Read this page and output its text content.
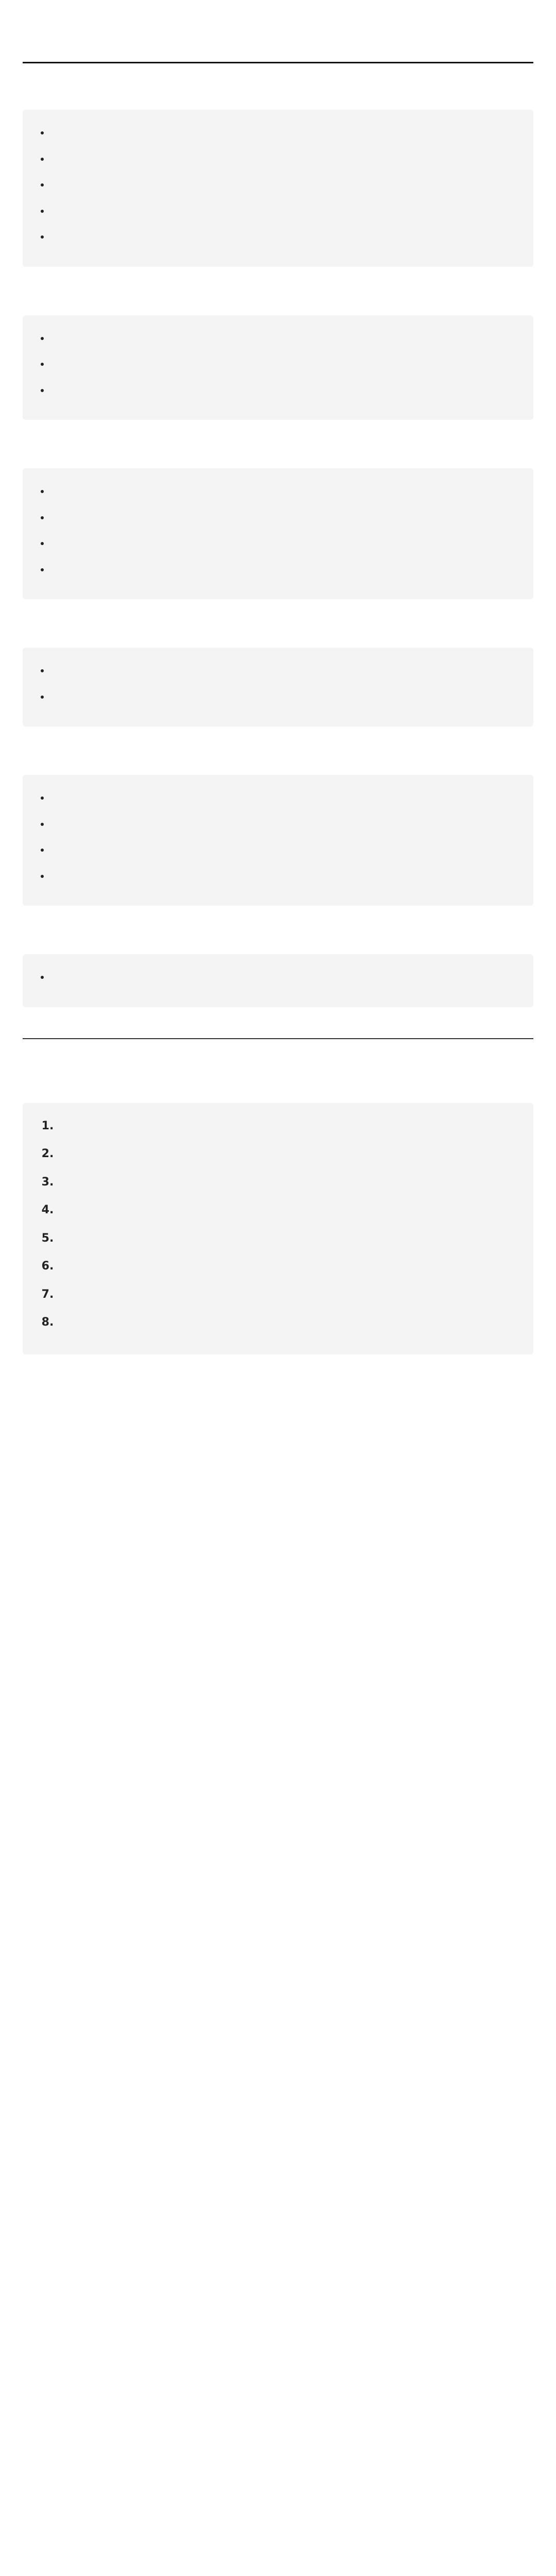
•
•
•
•
•
•
•
•
•
•
•
•
•
•
•
•
•
•
•
1.
2.
3.
4.
5.
6.
7.
8.
